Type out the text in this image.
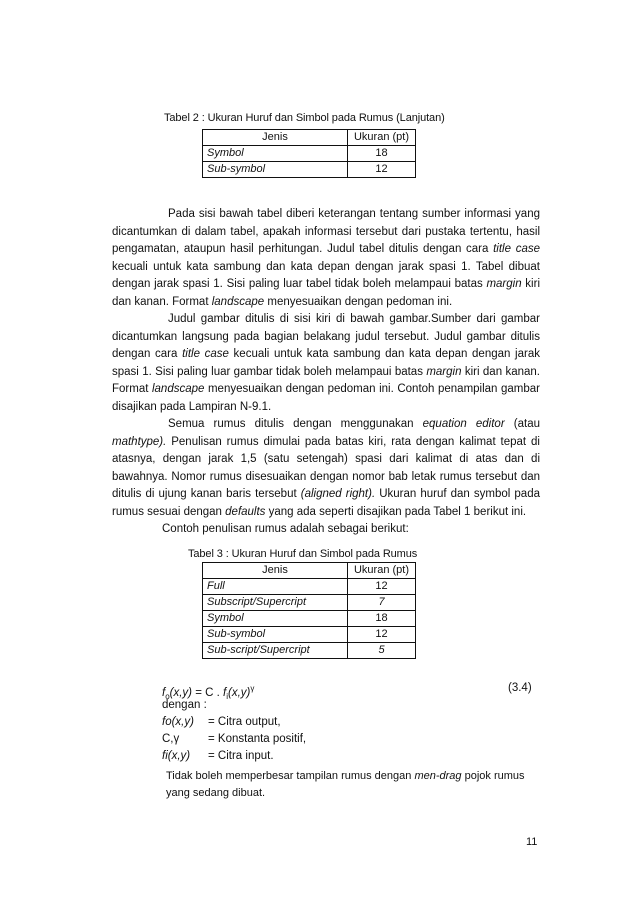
Tabel 2 : Ukuran Huruf dan Simbol pada Rumus (Lanjutan)
Jenis	Ukuran (pt)
Symbol	18
Sub-symbol	12

Pada sisi bawah tabel diberi keterangan tentang sumber informasi yang dicantumkan di dalam tabel, apakah informasi tersebut dari pustaka tertentu, hasil pengamatan, ataupun hasil perhitungan. Judul tabel ditulis dengan cara title case kecuali untuk kata sambung dan kata depan dengan jarak spasi 1. Tabel dibuat dengan jarak spasi 1. Sisi paling luar tabel tidak boleh melampaui batas margin kiri dan kanan. Format landscape menyesuaikan dengan pedoman ini.

Judul gambar ditulis di sisi kiri di bawah gambar.Sumber dari gambar dicantumkan langsung pada bagian belakang judul tersebut. Judul gambar ditulis dengan cara title case kecuali untuk kata sambung dan kata depan dengan jarak spasi 1. Sisi paling luar gambar tidak boleh melampaui batas margin kiri dan kanan. Format landscape menyesuaikan dengan pedoman ini. Contoh penampilan gambar disajikan pada Lampiran N-9.1.

Semua rumus ditulis dengan menggunakan equation editor (atau mathtype). Penulisan rumus dimulai pada batas kiri, rata dengan kalimat tepat di atasnya, dengan jarak 1,5 (satu setengah) spasi dari kalimat di atas dan di bawahnya. Nomor rumus disesuaikan dengan nomor bab letak rumus tersebut dan ditulis di ujung kanan baris tersebut (aligned right). Ukuran huruf dan symbol pada rumus sesuai dengan defaults yang ada seperti disajikan pada Tabel 1 berikut ini.

Contoh penulisan rumus adalah sebagai berikut:

Tabel 3 : Ukuran Huruf dan Simbol pada Rumus
Jenis	Ukuran (pt)
Full	12
Subscript/Supercript	7
Symbol	18
Sub-symbol	12
Sub-script/Supercript	5
$f_o(x,y) = C$ . $f_i(x,y)^\gamma$	(3.4)
dengan :
fo(x,y) = Citra output,
C,γ	= Konstanta positif,
fi(x,y) = Citra input.
Tidak boleh memperbesar tampilan rumus dengan men-drag pojok rumus yang sedang dibuat.
11
